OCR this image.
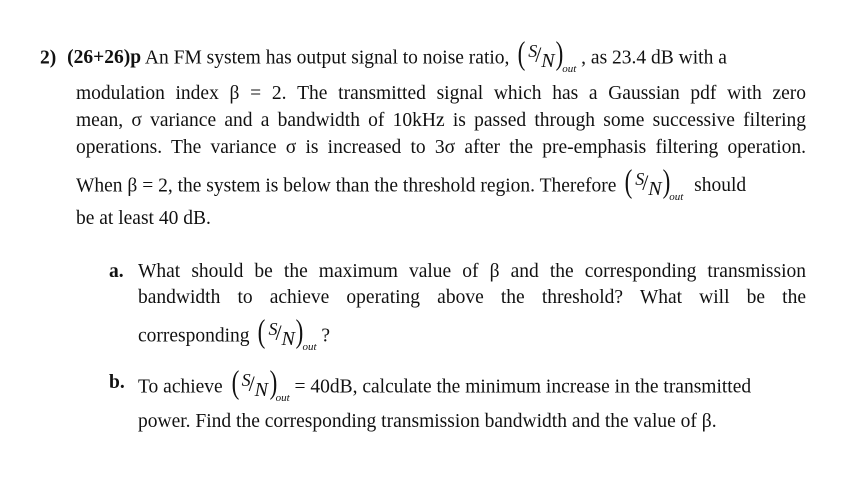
2) (26+26)p An FM system has output signal to noise ratio, ( S
/ N )
out
, as 23.4 dB with a
modulation index β = 2. The transmitted signal which has a Gaussian pdf with zero
mean, σ variance and a bandwidth of 10kHz is passed through some successive filtering
operations. The variance σ is increased to 3σ after the pre-emphasis filtering operation.
When β = 2, the system is below than the threshold region. Therefore ( S
/ N )
out
should
be at least 40 dB.
a. What should be the maximum value of β and the corresponding transmission
bandwidth to achieve operating above the threshold? What will be the
corresponding ( S
/ N )
out
?
b. To achieve ( S
/ N )
out
= 40dB, calculate the minimum increase in the transmitted
power. Find the corresponding transmission bandwidth and the value of β.
